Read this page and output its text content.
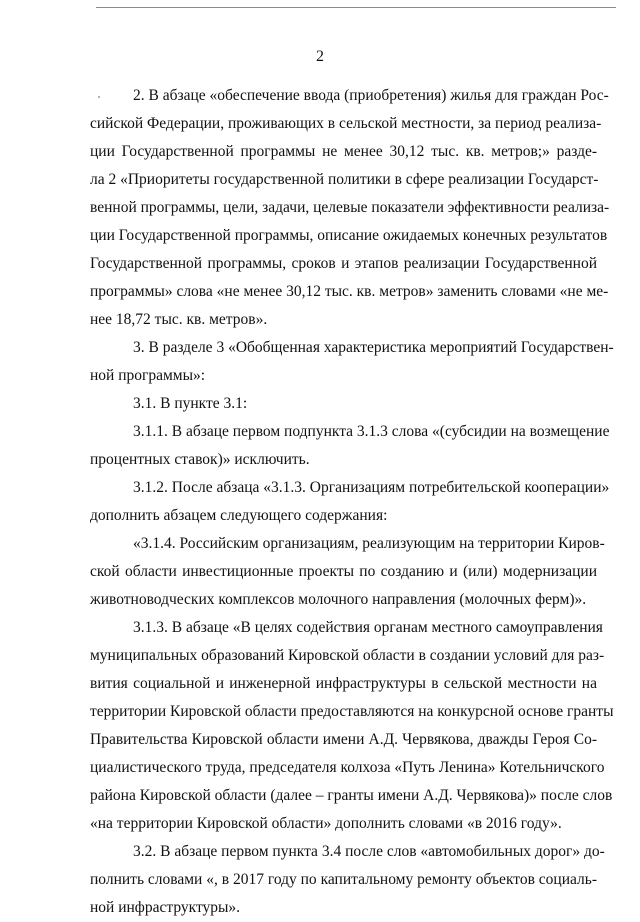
2
2. В абзаце «обеспечение ввода (приобретения) жилья для граждан Рос-
сийской Федерации, проживающих в сельской местности, за период реализа-
ции Государственной программы не менее 30,12 тыс. кв. метров;» разде-
ла 2 «Приоритеты государственной политики в сфере реализации Государст-
венной программы, цели, задачи, целевые показатели эффективности реализа-
ции Государственной программы, описание ожидаемых конечных результатов
Государственной программы, сроков и этапов реализации Государственной
программы» слова «не менее 30,12 тыс. кв. метров» заменить словами «не ме-
нее 18,72 тыс. кв. метров».
3. В разделе 3 «Обобщенная характеристика мероприятий Государствен-
ной программы»:
3.1. В пункте 3.1:
3.1.1. В абзаце первом подпункта 3.1.3 слова «(субсидии на возмещение
процентных ставок)» исключить.
3.1.2. После абзаца «3.1.3. Организациям потребительской кооперации»
дополнить абзацем следующего содержания:
«3.1.4. Российским организациям, реализующим на территории Киров-
ской области инвестиционные проекты по созданию и (или) модернизации
животноводческих комплексов молочного направления (молочных ферм)».
3.1.3. В абзаце «В целях содействия органам местного самоуправления
муниципальных образований Кировской области в создании условий для раз-
вития социальной и инженерной инфраструктуры в сельской местности на
территории Кировской области предоставляются на конкурсной основе гранты
Правительства Кировской области имени А.Д. Червякова, дважды Героя Со-
циалистического труда, председателя колхоза «Путь Ленина» Котельничского
района Кировской области (далее – гранты имени А.Д. Червякова)» после слов
«на территории Кировской области» дополнить словами «в 2016 году».
3.2. В абзаце первом пункта 3.4 после слов «автомобильных дорог» до-
полнить словами «, в 2017 году по капитальному ремонту объектов социаль-
ной инфраструктуры».
